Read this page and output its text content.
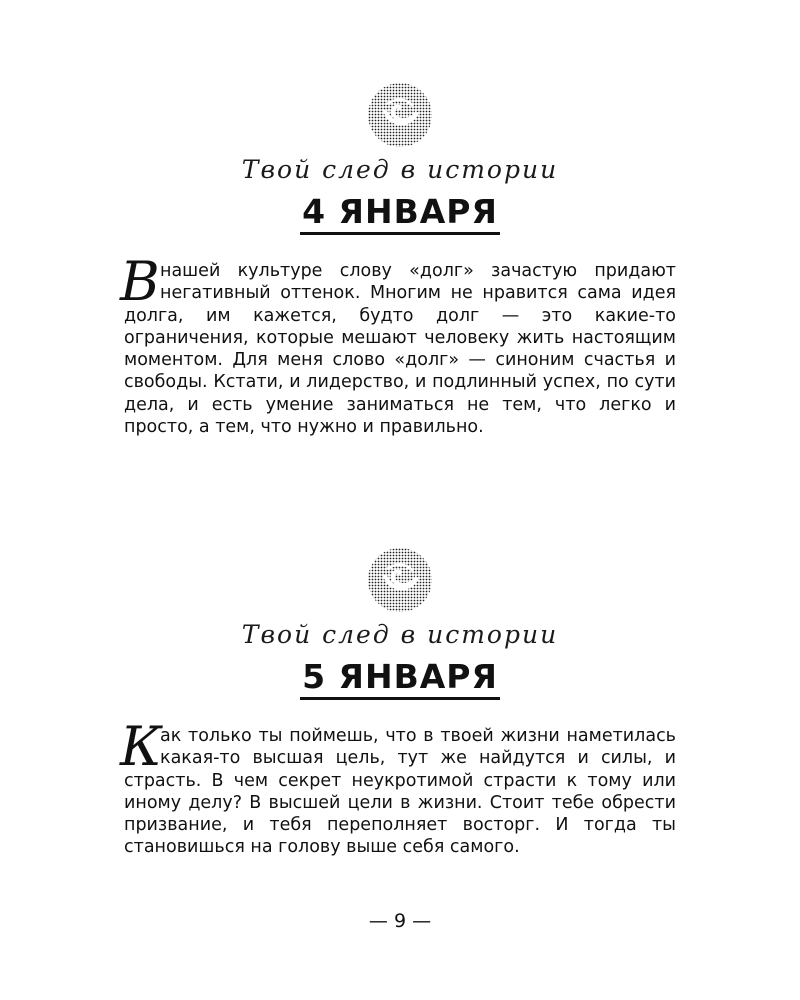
Твой след в истории
4 ЯНВАРЯ
В нашей культуре слову «долг» зачастую придают негативный оттенок. Многим не нравится сама идея долга, им кажется, будто долг — это какие-то ограничения, которые мешают человеку жить настоящим моментом. Для меня слово «долг» — синоним счастья и свободы. Кстати, и лидерство, и подлинный успех, по сути дела, и есть умение заниматься не тем, что легко и просто, а тем, что нужно и правильно.
Твой след в истории
5 ЯНВАРЯ
К
ак только ты поймешь, что в твоей жизни наметилась какая-то высшая цель, тут же найдутся и силы, и страсть. В чем секрет неукротимой страсти к тому или иному делу? В высшей цели в жизни. Стоит тебе обрести призвание, и тебя переполняет восторг. И тогда ты становишься на голову выше себя самого.
— 9 —
